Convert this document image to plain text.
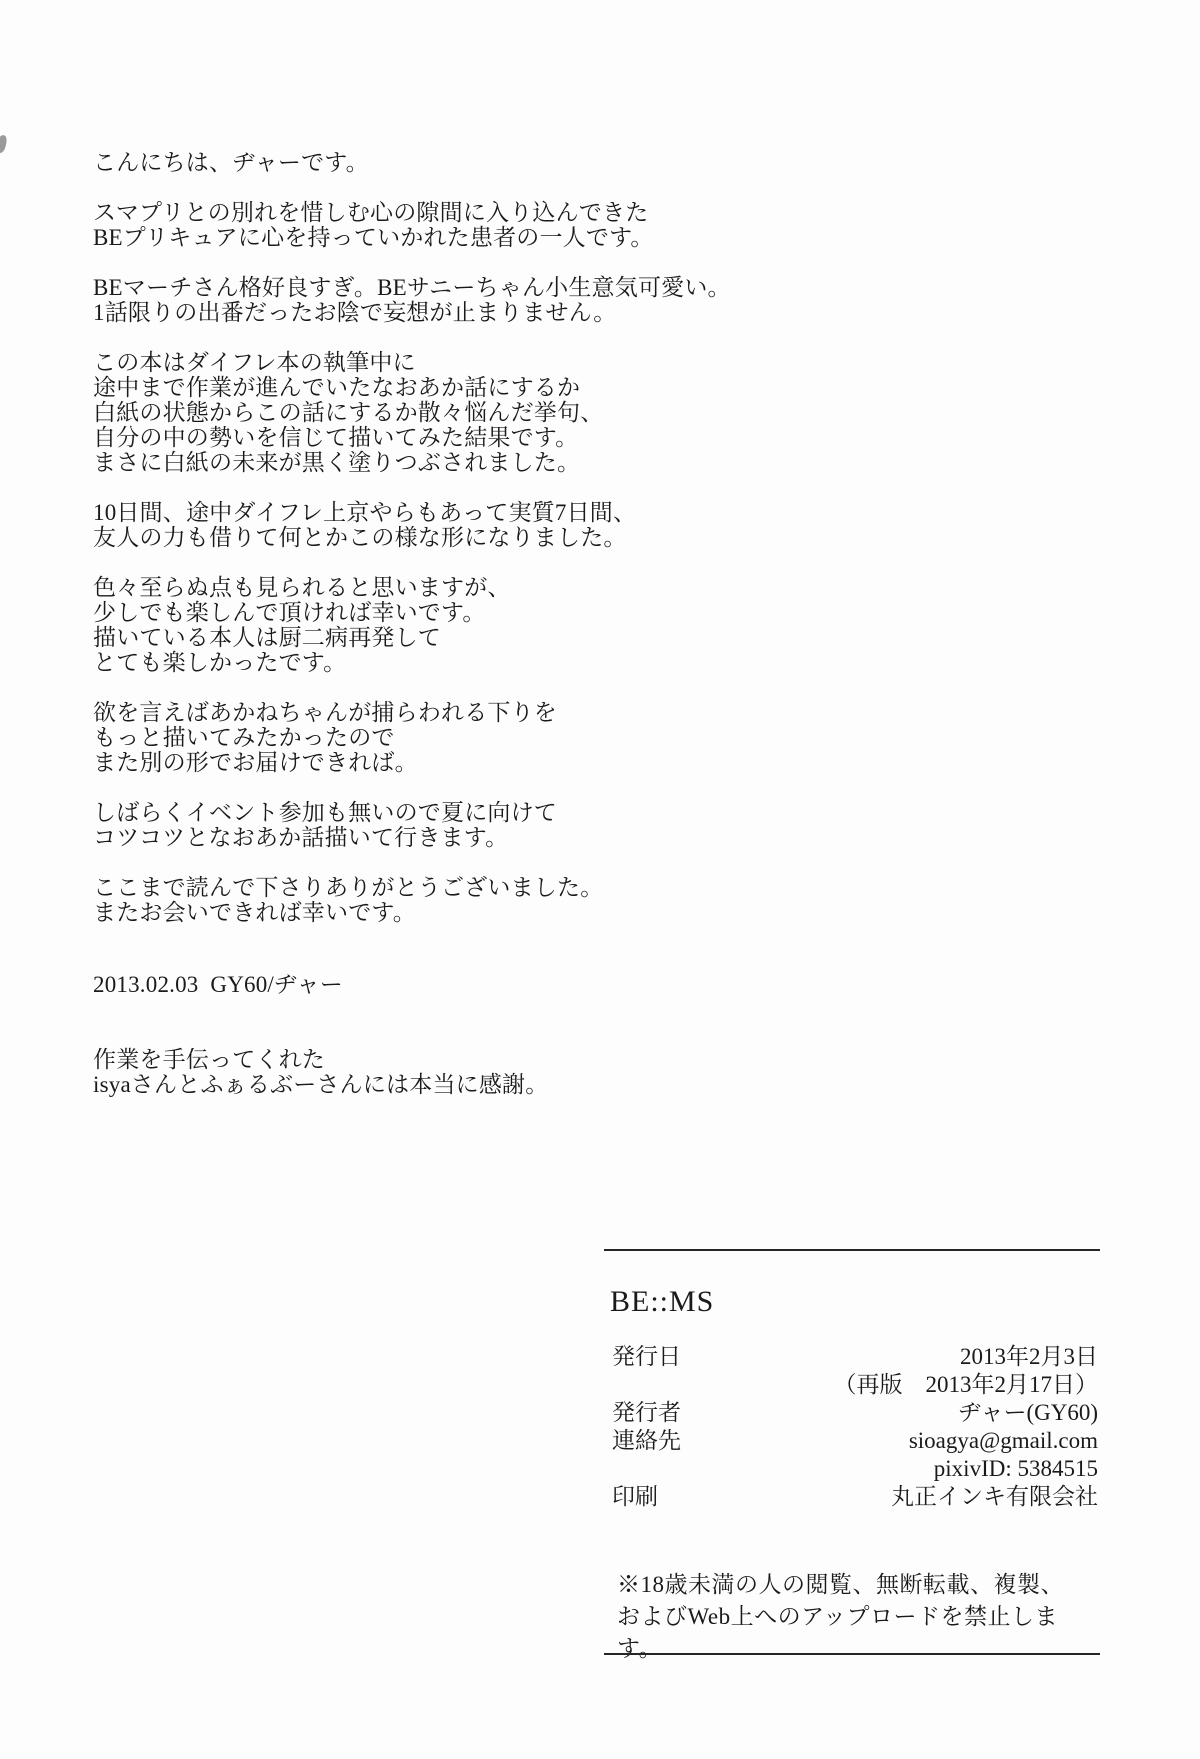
こんにちは、ヂャーです。

スマプリとの別れを惜しむ心の隙間に入り込んできた
BEプリキュアに心を持っていかれた患者の一人です。

BEマーチさん格好良すぎ。BEサニーちゃん小生意気可愛い。
1話限りの出番だったお陰で妄想が止まりません。

この本はダイフレ本の執筆中に
途中まで作業が進んでいたなおあか話にするか
白紙の状態からこの話にするか散々悩んだ挙句、
自分の中の勢いを信じて描いてみた結果です。
まさに白紙の未来が黒く塗りつぶされました。

10日間、途中ダイフレ上京やらもあって実質7日間、
友人の力も借りて何とかこの様な形になりました。

色々至らぬ点も見られると思いますが、
少しでも楽しんで頂ければ幸いです。
描いている本人は厨二病再発して
とても楽しかったです。

欲を言えばあかねちゃんが捕らわれる下りを
もっと描いてみたかったので
また別の形でお届けできれば。

しばらくイベント参加も無いので夏に向けて
コツコツとなおあか話描いて行きます。

ここまで読んで下さりありがとうございました。
またお会いできれば幸いです。

2013.02.03  GY60/ヂャー

作業を手伝ってくれた
isyaさんとふぁるぶーさんには本当に感謝。

BE::MS
発行日	2013年2月3日
（再版　2013年2月17日）
発行者	ヂャー(GY60)
連絡先	sioagya@gmail.com
pixivID: 5384515
印刷	丸正インキ有限会社
※18歳未満の人の閲覧、無断転載、複製、
およびWeb上へのアップロードを禁止します。
